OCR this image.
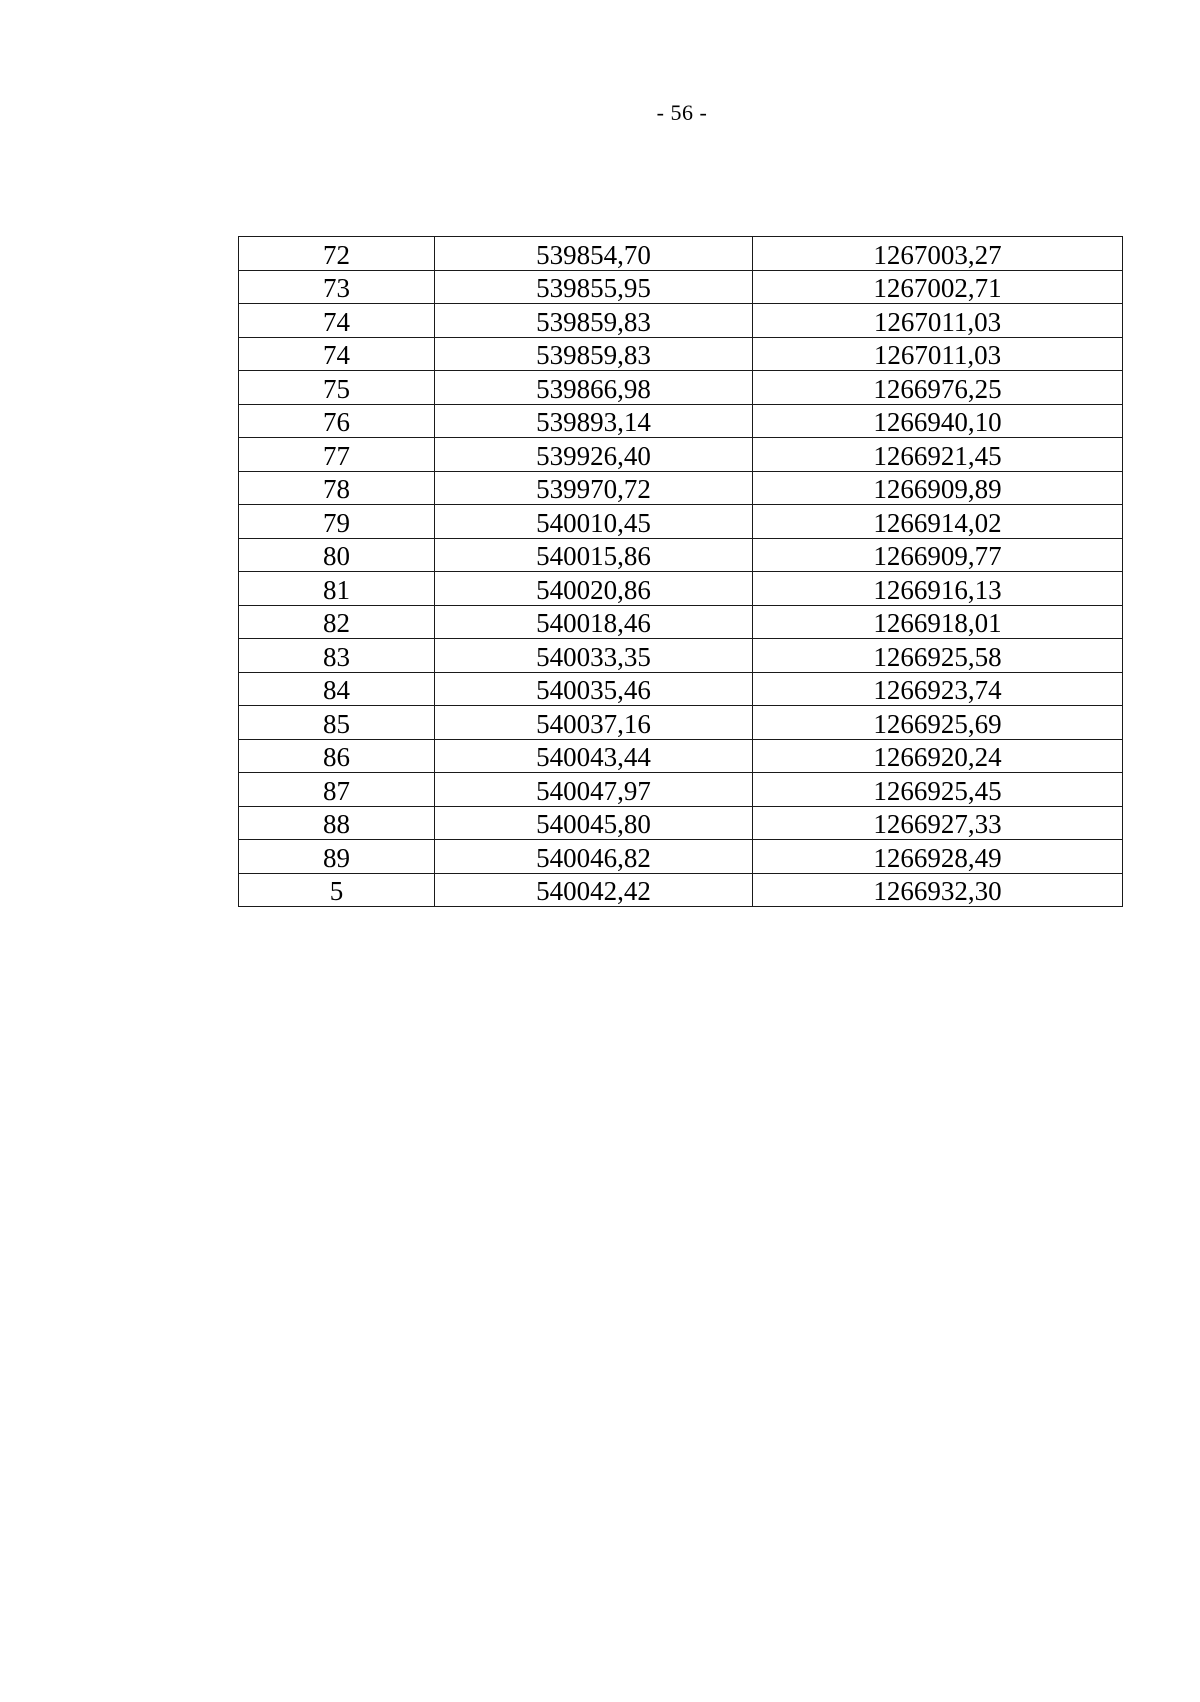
- 56 -
72	539854,70	1267003,27
73	539855,95	1267002,71
74	539859,83	1267011,03
74	539859,83	1267011,03
75	539866,98	1266976,25
76	539893,14	1266940,10
77	539926,40	1266921,45
78	539970,72	1266909,89
79	540010,45	1266914,02
80	540015,86	1266909,77
81	540020,86	1266916,13
82	540018,46	1266918,01
83	540033,35	1266925,58
84	540035,46	1266923,74
85	540037,16	1266925,69
86	540043,44	1266920,24
87	540047,97	1266925,45
88	540045,80	1266927,33
89	540046,82	1266928,49
5	540042,42	1266932,30
